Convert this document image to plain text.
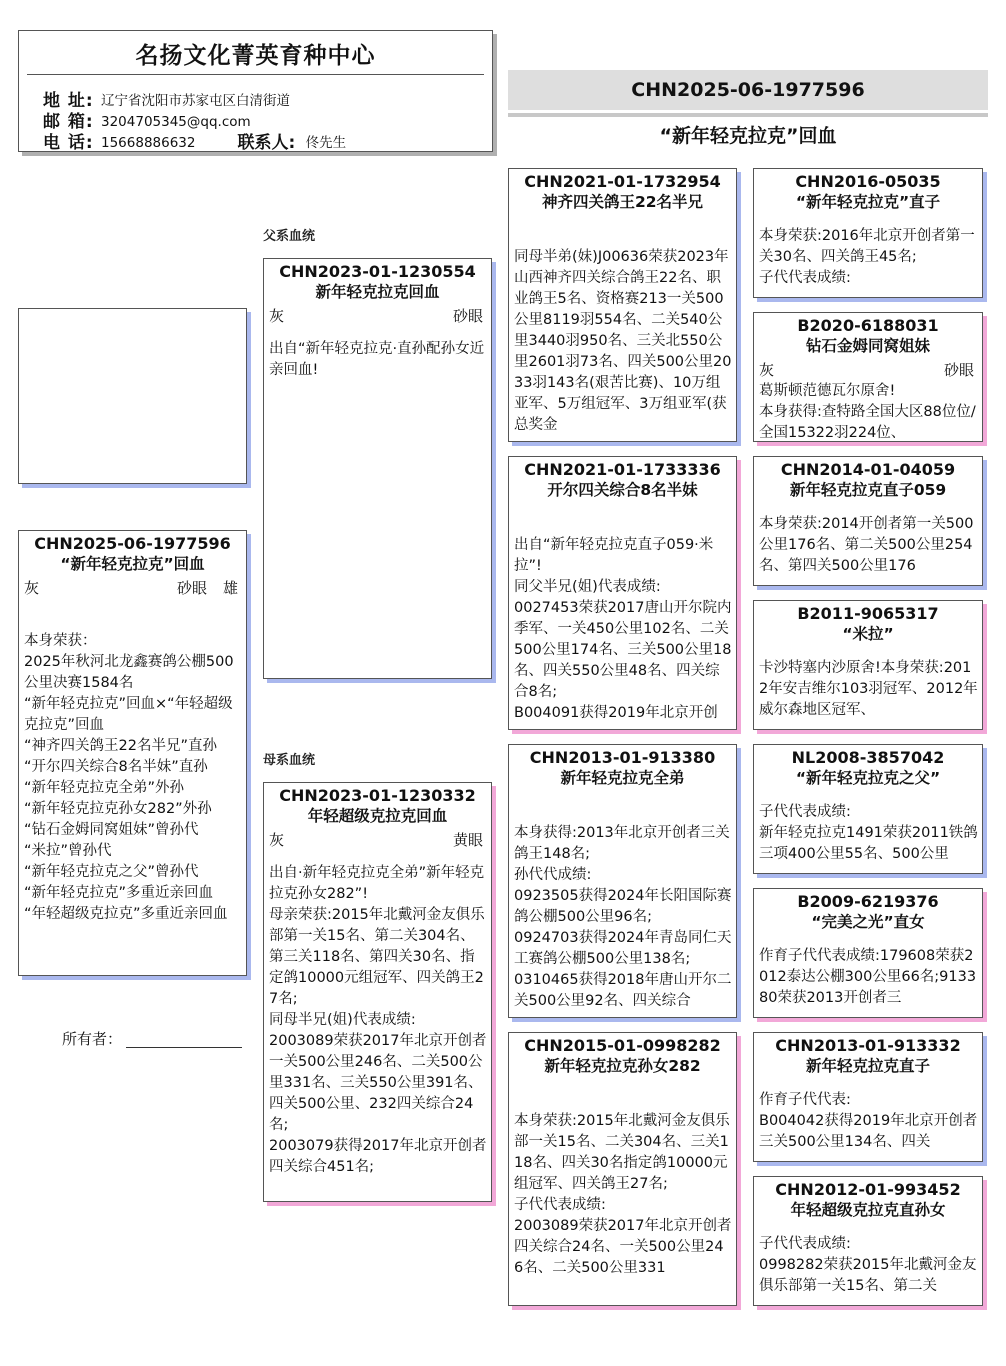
名扬文化菁英育种中心
地 址: 辽宁省沈阳市苏家屯区白清街道
邮 箱: 3204705345@qq.com
电 话: 15668886632 联系人: 佟先生
CHN2025-06-1977596
“新年轻克拉克”回血
父系血统
母系血统
CHN2025-06-1977596
“新年轻克拉克”回血
灰	砂眼 雄
本身荣获：
2025年秋河北龙鑫赛鸽公棚500公里决赛1584名
“新年轻克拉克”回血×“年轻超级克拉克”回血
“神齐四关鸽王22名半兄”直孙
“开尔四关综合8名半妹”直孙
“新年轻克拉克全弟”外孙
“新年轻克拉克孙女282”外孙
“钻石金姆同窝姐妹”曾孙代
“米拉”曾孙代
“新年轻克拉克之父”曾孙代
“新年轻克拉克”多重近亲回血
“年轻超级克拉克”多重近亲回血
所有者：
CHN2023-01-1230554
新年轻克拉克回血
灰	砂眼
出自“新年轻克拉克·直孙配孙女近亲回血!
CHN2023-01-1230332
年轻超级克拉克回血
灰	黄眼
出自·新年轻克拉克全弟”新年轻克拉克孙女282”!
母亲荣获:2015年北戴河金友俱乐部第一关15名、第二关304名、第三关118名、第四关30名、指定鸽10000元组冠军、四关鸽王27名;
同母半兄(姐)代表成绩:
2003089荣获2017年北京开创者一关500公里246名、二关500公里331名、三关550公里391名、四关500公里、232四关综合24名;
2003079获得2017年北京开创者四关综合451名;
CHN2021-01-1732954
神齐四关鸽王22名半兄
同母半弟(妹)J00636荣获2023年山西神齐四关综合鸽王22名、职业鸽王5名、资格赛213一关500公里8119羽554名、二关540公里3440羽950名、三关北550公里2601羽73名、四关500公里2033羽143名(艰苦比赛)、10万组亚军、5万组冠军、3万组亚军(获总奖金
CHN2021-01-1733336
开尔四关综合8名半妹
出自“新年轻克拉克直子059·米拉”!
同父半兄(姐)代表成绩:
0027453荣获2017唐山开尔院内季军、一关450公里102名、二关500公里174名、三关500公里18名、四关550公里48名、四关综合8名;
B004091获得2019年北京开创
CHN2013-01-913380
新年轻克拉克全弟
本身获得:2013年北京开创者三关鸽王148名;
孙代代成绩:
0923505获得2024年长阳国际赛鸽公棚500公里96名;
0924703获得2024年青岛同仁天工赛鸽公棚500公里138名;
0310465获得2018年唐山开尔二关500公里92名、四关综合
CHN2015-01-0998282
新年轻克拉克孙女282
本身荣获:2015年北戴河金友俱乐部一关15名、二关304名、三关118名、四关30名指定鸽10000元组冠军、四关鸽王27名;
子代代表成绩:
2003089荣获2017年北京开创者四关综合24名、一关500公里246名、二关500公里331
CHN2016-05035
“新年轻克拉克”直子
本身荣获:2016年北京开创者第一关30名、四关鸽王45名;
子代代表成绩:
B2020-6188031
钻石金姆同窝姐妹
灰	砂眼
葛斯顿范德瓦尔原舍!
本身获得:查特路全国大区88位位/全国15322羽224位、
CHN2014-01-04059
新年轻克拉克直子059
本身荣获:2014开创者第一关500公里176名、第二关500公里254名、第四关500公里176
B2011-9065317
“米拉”
卡沙特塞内沙原舍!本身荣获:2012年安吉维尔103羽冠军、2012年威尔森地区冠军、
NL2008-3857042
“新年轻克拉克之父”
子代代表成绩:
新年轻克拉克1491荣获2011铁鸽三项400公里55名、500公里
B2009-6219376
“完美之光”直女
作育子代代表成绩:179608荣获2012泰达公棚300公里66名;913380荣获2013开创者三
CHN2013-01-913332
新年轻克拉克直子
作育子代代表:
B004042获得2019年北京开创者三关500公里134名、四关
CHN2012-01-993452
年轻超级克拉克直孙女
子代代表成绩:
0998282荣获2015年北戴河金友俱乐部第一关15名、第二关
